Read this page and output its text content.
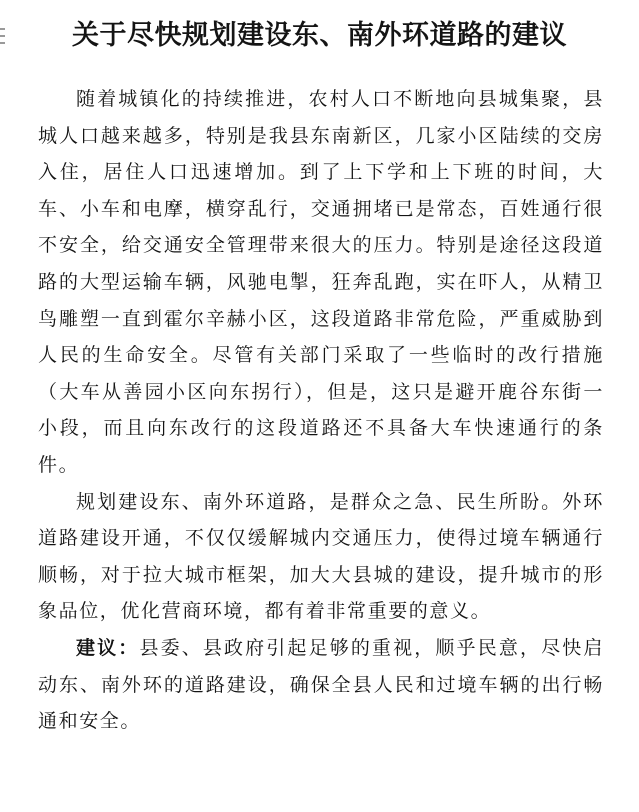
关于尽快规划建设东、南外环道路的建议

随着城镇化的持续推进，农村人口不断地向县城集聚，县城人口越来越多，特别是我县东南新区，几家小区陆续的交房入住，居住人口迅速增加。到了上下学和上下班的时间，大车、小车和电摩，横穿乱行，交通拥堵已是常态，百姓通行很不安全，给交通安全管理带来很大的压力。特别是途径这段道路的大型运输车辆，风驰电掣，狂奔乱跑，实在吓人，从精卫鸟雕塑一直到霍尔辛赫小区，这段道路非常危险，严重威胁到人民的生命安全。尽管有关部门采取了一些临时的改行措施（大车从善园小区向东拐行），但是，这只是避开鹿谷东街一小段，而且向东改行的这段道路还不具备大车快速通行的条件。

规划建设东、南外环道路，是群众之急、民生所盼。外环道路建设开通，不仅仅缓解城内交通压力，使得过境车辆通行顺畅，对于拉大城市框架，加大大县城的建设，提升城市的形象品位，优化营商环境，都有着非常重要的意义。

建议：县委、县政府引起足够的重视，顺乎民意，尽快启动东、南外环的道路建设，确保全县人民和过境车辆的出行畅通和安全。
